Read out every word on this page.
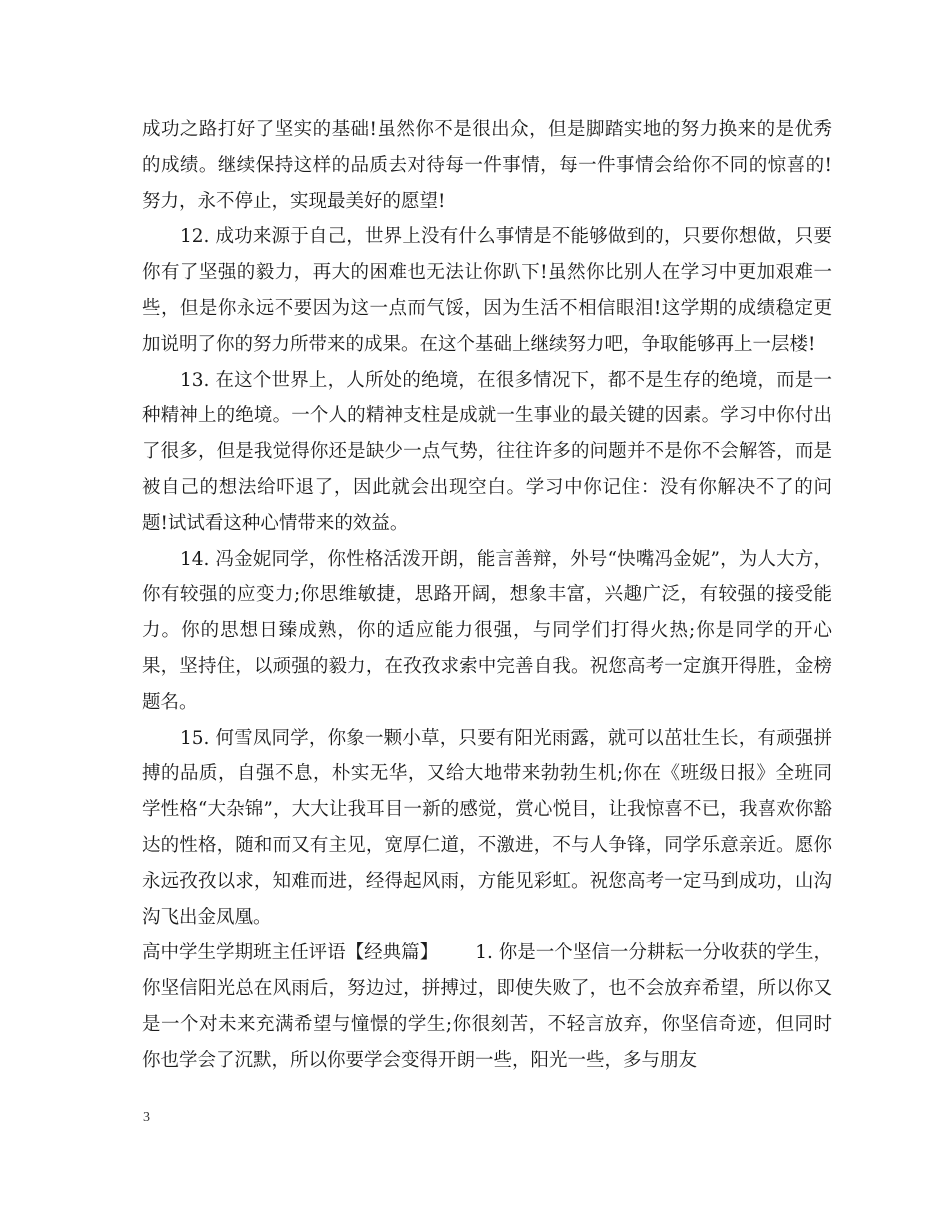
成功之路打好了坚实的基础!虽然你不是很出众，但是脚踏实地的努力换来的是优秀的成绩。继续保持这样的品质去对待每一件事情，每一件事情会给你不同的惊喜的!努力，永不停止，实现最美好的愿望!

12. 成功来源于自己，世界上没有什么事情是不能够做到的，只要你想做，只要你有了坚强的毅力，再大的困难也无法让你趴下!虽然你比别人在学习中更加艰难一些，但是你永远不要因为这一点而气馁，因为生活不相信眼泪!这学期的成绩稳定更加说明了你的努力所带来的成果。在这个基础上继续努力吧，争取能够再上一层楼!

13. 在这个世界上，人所处的绝境，在很多情况下，都不是生存的绝境，而是一种精神上的绝境。一个人的精神支柱是成就一生事业的最关键的因素。学习中你付出了很多，但是我觉得你还是缺少一点气势，往往许多的问题并不是你不会解答，而是被自己的想法给吓退了，因此就会出现空白。学习中你记住：没有你解决不了的问题!试试看这种心情带来的效益。

14. 冯金妮同学，你性格活泼开朗，能言善辩，外号“快嘴冯金妮”，为人大方，你有较强的应变力;你思维敏捷，思路开阔，想象丰富，兴趣广泛，有较强的接受能力。你的思想日臻成熟，你的适应能力很强，与同学们打得火热;你是同学的开心果，坚持住，以顽强的毅力，在孜孜求索中完善自我。祝您高考一定旗开得胜，金榜题名。

15. 何雪凤同学，你象一颗小草，只要有阳光雨露，就可以茁壮生长，有顽强拼搏的品质，自强不息，朴实无华，又给大地带来勃勃生机;你在《班级日报》全班同学性格“大杂锦”，大大让我耳目一新的感觉，赏心悦目，让我惊喜不已，我喜欢你豁达的性格，随和而又有主见，宽厚仁道，不激进，不与人争锋，同学乐意亲近。愿你永远孜孜以求，知难而进，经得起风雨，方能见彩虹。祝您高考一定马到成功，山沟沟飞出金凤凰。

高中学生学期班主任评语【经典篇】   1. 你是一个坚信一分耕耘一分收获的学生，你坚信阳光总在风雨后，努边过，拼搏过，即使失败了，也不会放弃希望，所以你又是一个对未来充满希望与憧憬的学生;你很刻苦，不轻言放弃，你坚信奇迹，但同时你也学会了沉默，所以你要学会变得开朗一些，阳光一些，多与朋友

3
